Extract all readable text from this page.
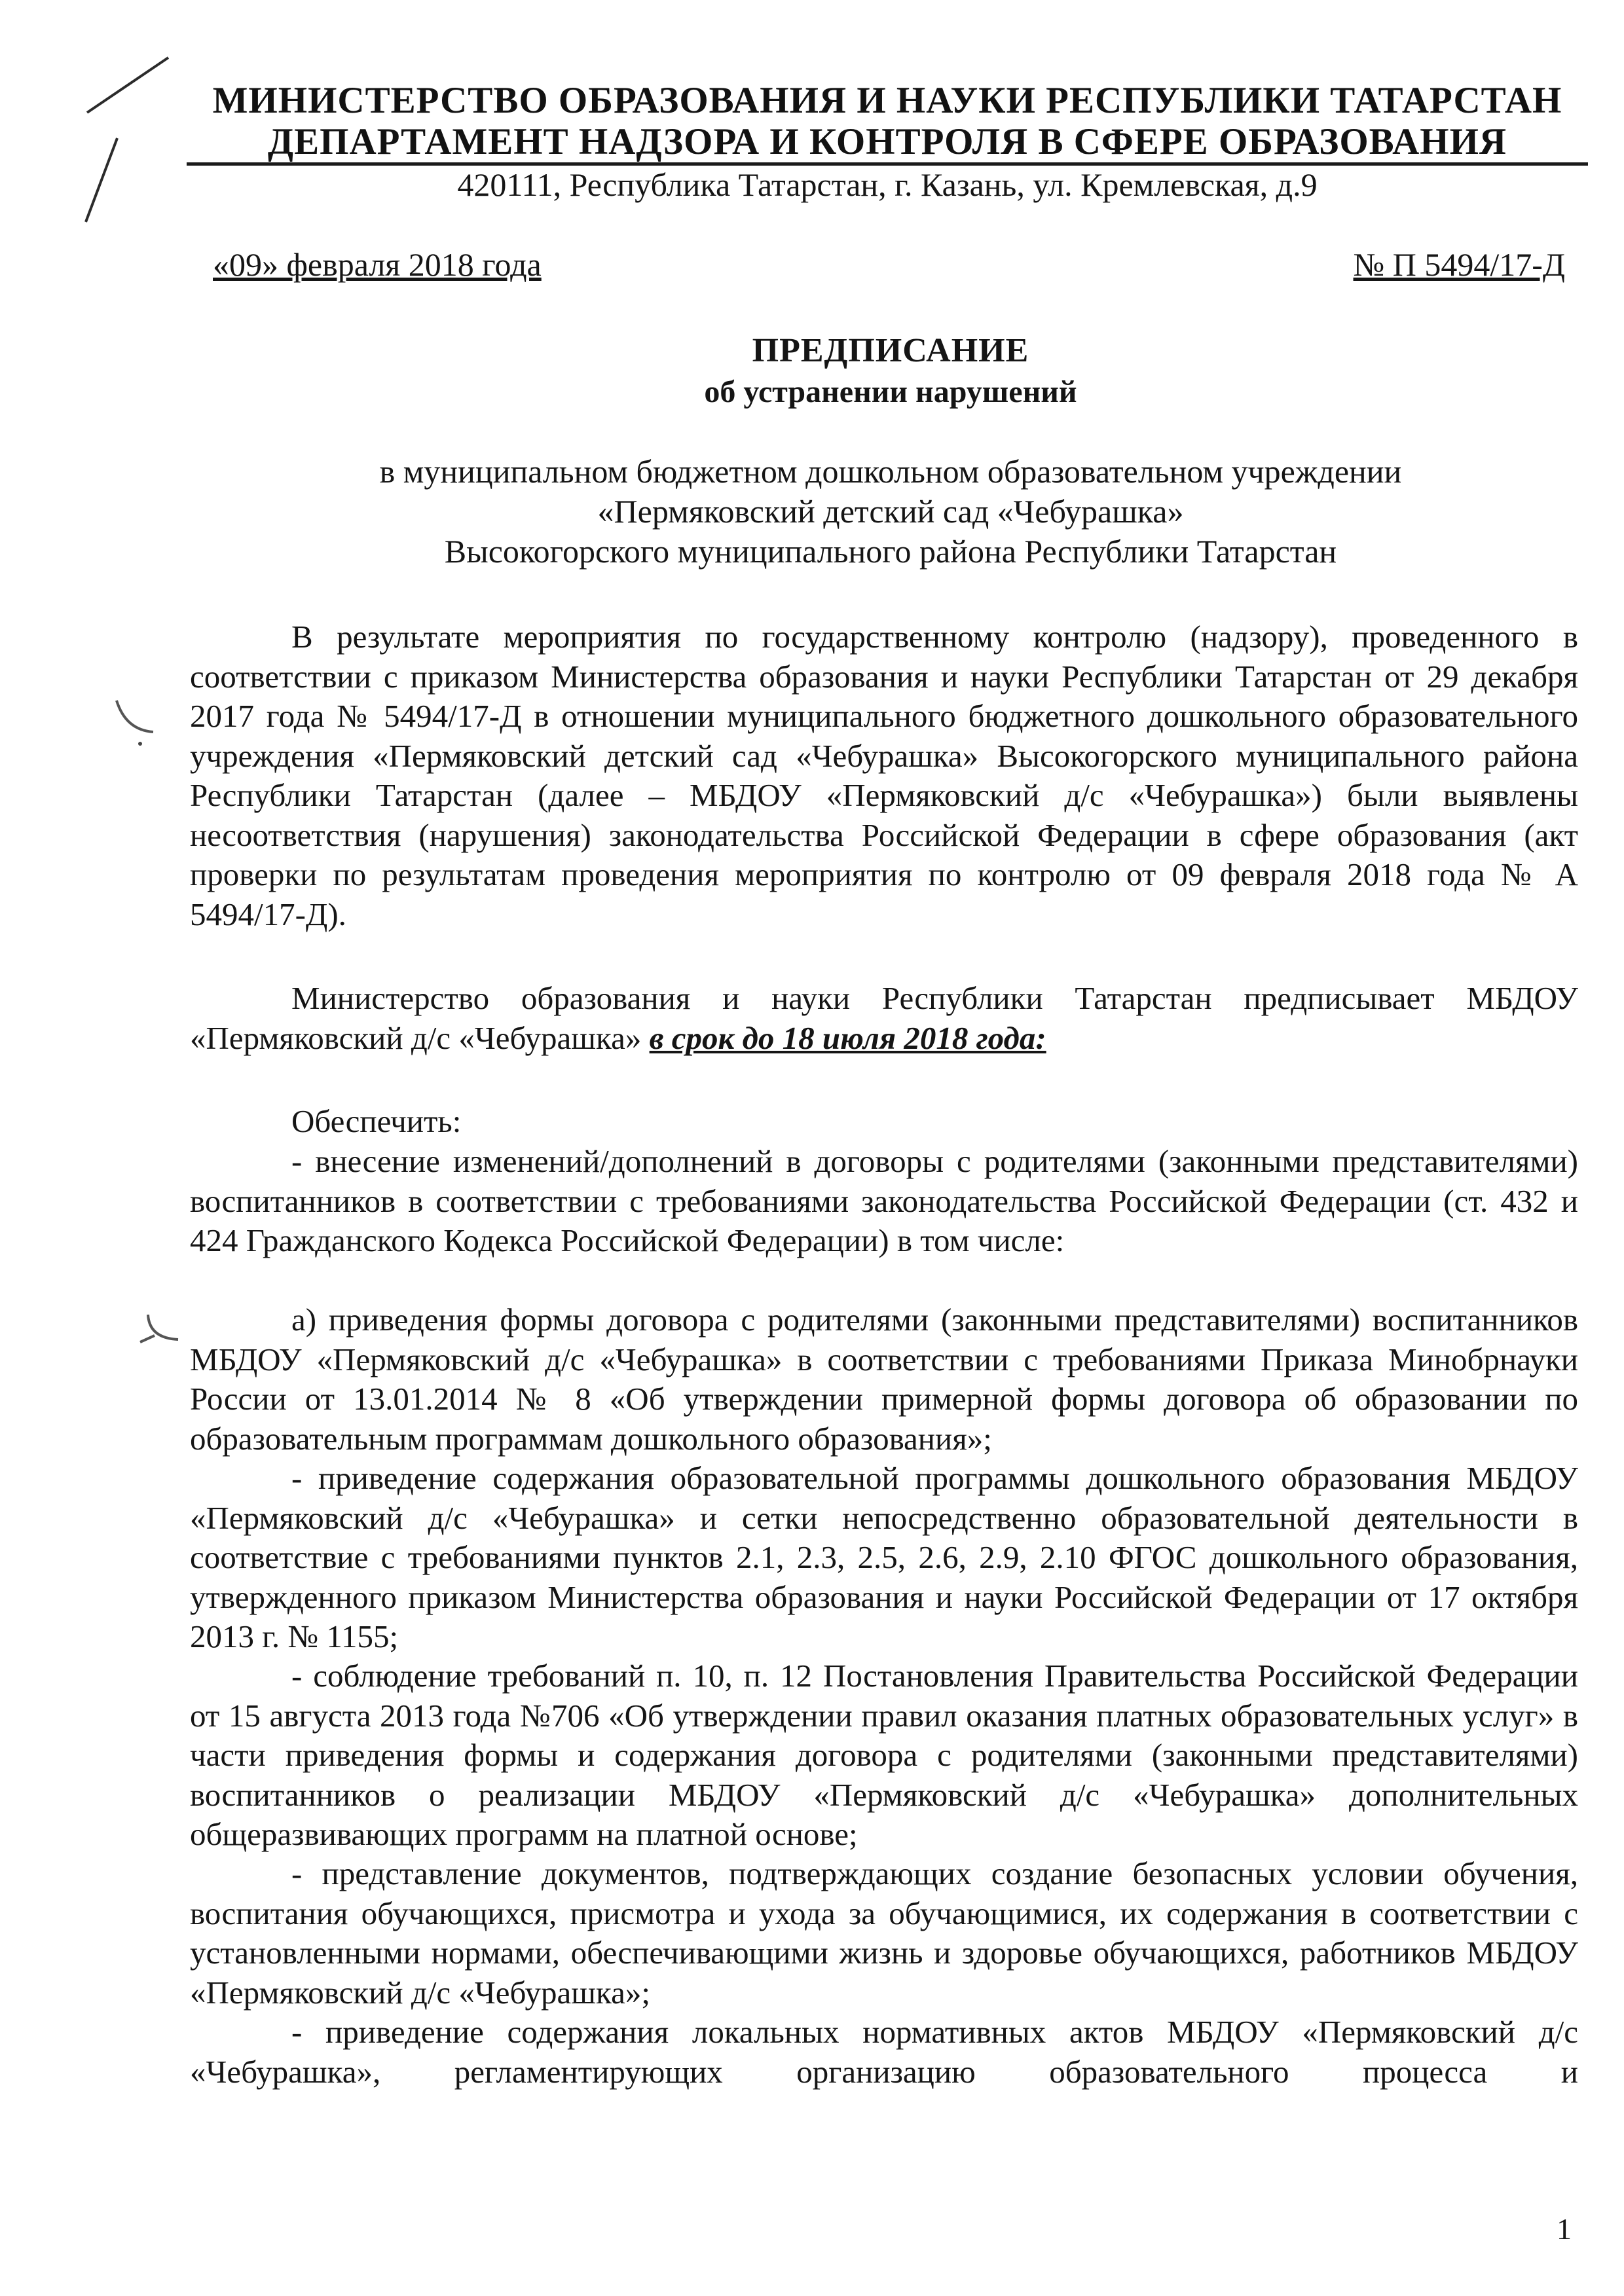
МИНИСТЕРСТВО ОБРАЗОВАНИЯ И НАУКИ РЕСПУБЛИКИ ТАТАРСТАН
ДЕПАРТАМЕНТ НАДЗОРА И КОНТРОЛЯ В СФЕРЕ ОБРАЗОВАНИЯ
420111, Республика Татарстан, г. Казань, ул. Кремлевская, д.9
«09» февраля 2018 года	№ П 5494/17-Д
ПРЕДПИСАНИЕ
об устранении нарушений
в муниципальном бюджетном дошкольном образовательном учреждении
«Пермяковский детский сад «Чебурашка»
Высокогорского муниципального района Республики Татарстан
В результате мероприятия по государственному контролю (надзору), проведенного в соответствии с приказом Министерства образования и науки Республики Татарстан от 29 декабря 2017 года № 5494/17-Д в отношении муниципального бюджетного дошкольного образовательного учреждения «Пермяковский детский сад «Чебурашка» Высокогорского муниципального района Республики Татарстан (далее – МБДОУ «Пермяковский д/с «Чебурашка») были выявлены несоответствия (нарушения) законодательства Российской Федерации в сфере образования (акт проверки по результатам проведения мероприятия по контролю от 09 февраля 2018 года № А 5494/17-Д).
Министерство образования и науки Республики Татарстан предписывает МБДОУ «Пермяковский д/с «Чебурашка» в срок до 18 июля 2018 года:
Обеспечить:
- внесение изменений/дополнений в договоры с родителями (законными представителями) воспитанников в соответствии с требованиями законодательства Российской Федерации (ст. 432 и 424 Гражданского Кодекса Российской Федерации) в том числе:
а) приведения формы договора с родителями (законными представителями) воспитанников МБДОУ «Пермяковский д/с «Чебурашка» в соответствии с требованиями Приказа Минобрнауки России от 13.01.2014 № 8 «Об утверждении примерной формы договора об образовании по образовательным программам дошкольного образования»;
- приведение содержания образовательной программы дошкольного образования МБДОУ «Пермяковский д/с «Чебурашка» и сетки непосредственно образовательной деятельности в соответствие с требованиями пунктов 2.1, 2.3, 2.5, 2.6, 2.9, 2.10 ФГОС дошкольного образования, утвержденного приказом Министерства образования и науки Российской Федерации от 17 октября 2013 г. № 1155;
- соблюдение требований п. 10, п. 12 Постановления Правительства Российской Федерации от 15 августа 2013 года №706 «Об утверждении правил оказания платных образовательных услуг» в части приведения формы и содержания договора с родителями (законными представителями) воспитанников о реализации МБДОУ «Пермяковский д/с «Чебурашка» дополнительных общеразвивающих программ на платной основе;
- представление документов, подтверждающих создание безопасных условии обучения, воспитания обучающихся, присмотра и ухода за обучающимися, их содержания в соответствии с установленными нормами, обеспечивающими жизнь и здоровье обучающихся, работников МБДОУ «Пермяковский д/с «Чебурашка»;
- приведение содержания локальных нормативных актов МБДОУ «Пермяковский д/с «Чебурашка», регламентирующих организацию образовательного процесса и
1
